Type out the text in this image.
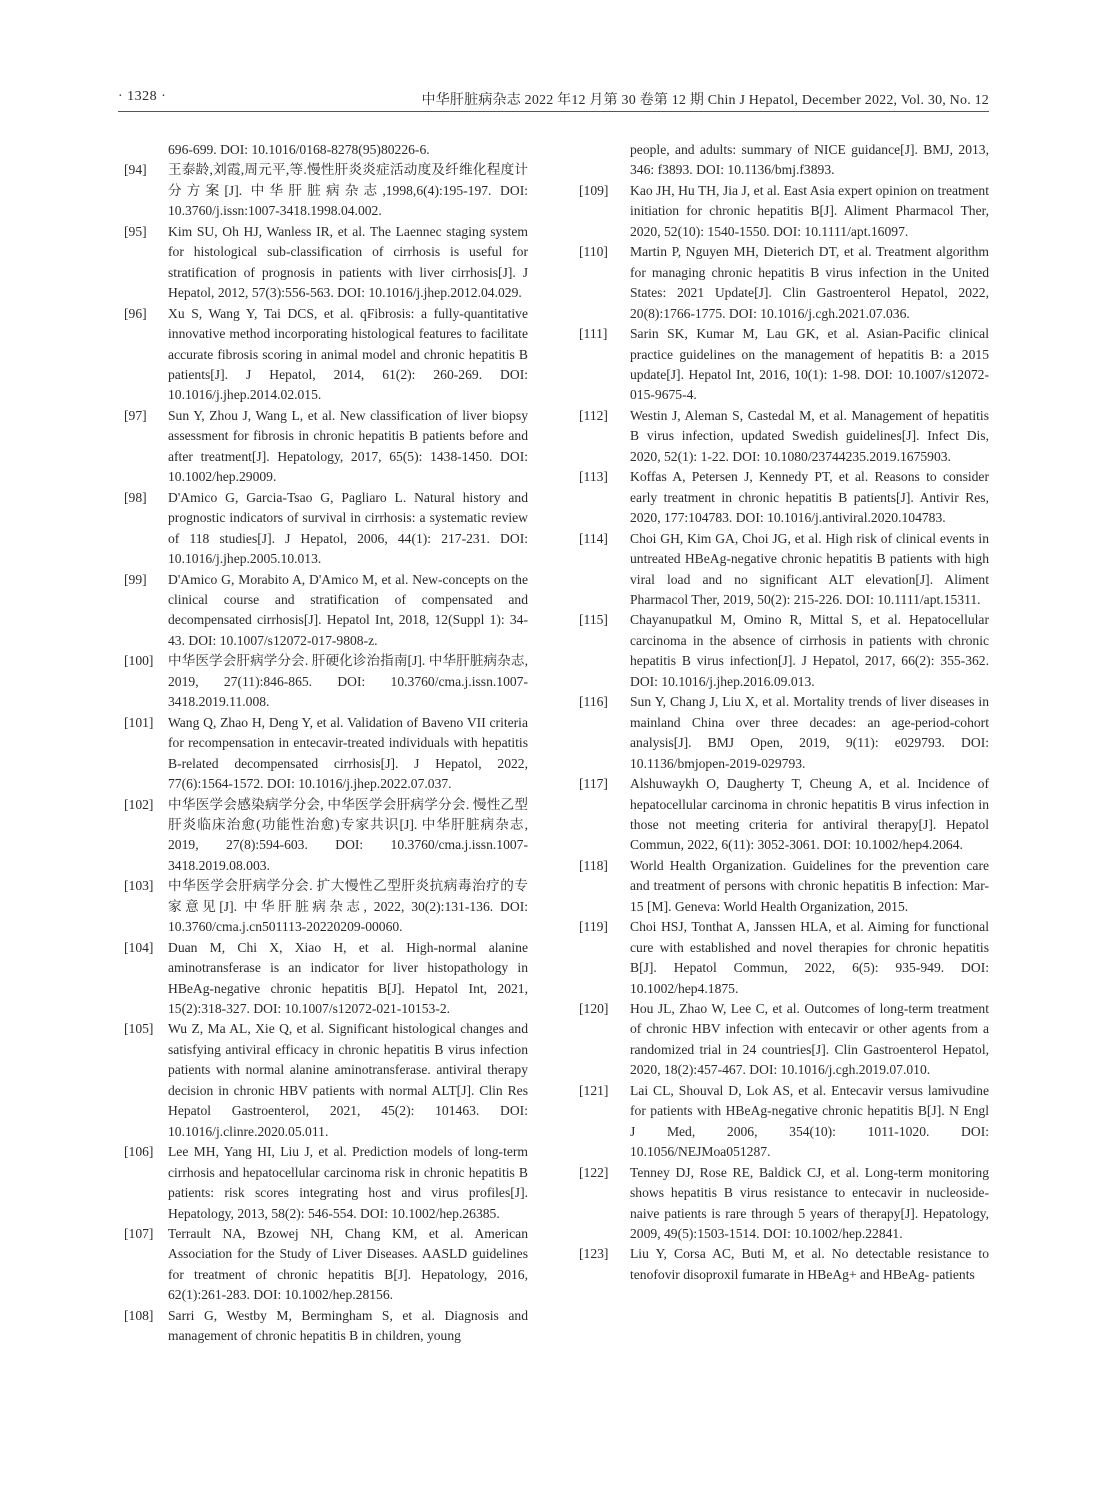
· 1328 ·	中华肝脏病杂志 2022 年12 月第 30 卷第 12 期 Chin J Hepatol, December 2022, Vol. 30, No. 12
696-699. DOI: 10.1016/0168-8278(95)80226-6.
[94]	王泰龄,刘霞,周元平,等.慢性肝炎炎症活动度及纤维化程度计分方案[J]. 中华肝脏病杂志,1998,6(4):195-197. DOI: 10.3760/j.issn:1007-3418.1998.04.002.
[95]	Kim SU, Oh HJ, Wanless IR, et al. The Laennec staging system for histological sub-classification of cirrhosis is useful for stratification of prognosis in patients with liver cirrhosis[J]. J Hepatol, 2012, 57(3):556-563. DOI: 10.1016/j.jhep.2012.04.029.
[96]	Xu S, Wang Y, Tai DCS, et al. qFibrosis: a fully-quantitative innovative method incorporating histological features to facilitate accurate fibrosis scoring in animal model and chronic hepatitis B patients[J]. J Hepatol, 2014, 61(2): 260-269. DOI: 10.1016/j.jhep.2014.02.015.
[97]	Sun Y, Zhou J, Wang L, et al. New classification of liver biopsy assessment for fibrosis in chronic hepatitis B patients before and after treatment[J]. Hepatology, 2017, 65(5): 1438-1450. DOI: 10.1002/hep.29009.
[98]	D'Amico G, Garcia-Tsao G, Pagliaro L. Natural history and prognostic indicators of survival in cirrhosis: a systematic review of 118 studies[J]. J Hepatol, 2006, 44(1): 217-231. DOI: 10.1016/j.jhep.2005.10.013.
[99]	D'Amico G, Morabito A, D'Amico M, et al. New-concepts on the clinical course and stratification of compensated and decompensated cirrhosis[J]. Hepatol Int, 2018, 12(Suppl 1): 34-43. DOI: 10.1007/s12072-017-9808-z.
[100]	中华医学会肝病学分会. 肝硬化诊治指南[J]. 中华肝脏病杂志, 2019, 27(11):846-865. DOI: 10.3760/cma.j.issn.1007-3418.2019.11.008.
[101]	Wang Q, Zhao H, Deng Y, et al. Validation of Baveno VII criteria for recompensation in entecavir-treated individuals with hepatitis B-related decompensated cirrhosis[J]. J Hepatol, 2022, 77(6):1564-1572. DOI: 10.1016/j.jhep.2022.07.037.
[102]	中华医学会感染病学分会, 中华医学会肝病学分会. 慢性乙型肝炎临床治愈(功能性治愈)专家共识[J]. 中华肝脏病杂志, 2019, 27(8):594-603. DOI: 10.3760/cma.j.issn.1007-3418.2019.08.003.
[103]	中华医学会肝病学分会. 扩大慢性乙型肝炎抗病毒治疗的专家意见[J]. 中华肝脏病杂志, 2022, 30(2):131-136. DOI: 10.3760/cma.j.cn501113-20220209-00060.
[104]	Duan M, Chi X, Xiao H, et al. High-normal alanine aminotransferase is an indicator for liver histopathology in HBeAg-negative chronic hepatitis B[J]. Hepatol Int, 2021, 15(2):318-327. DOI: 10.1007/s12072-021-10153-2.
[105]	Wu Z, Ma AL, Xie Q, et al. Significant histological changes and satisfying antiviral efficacy in chronic hepatitis B virus infection patients with normal alanine aminotransferase. antiviral therapy decision in chronic HBV patients with normal ALT[J]. Clin Res Hepatol Gastroenterol, 2021, 45(2): 101463. DOI: 10.1016/j.clinre.2020.05.011.
[106]	Lee MH, Yang HI, Liu J, et al. Prediction models of long-term cirrhosis and hepatocellular carcinoma risk in chronic hepatitis B patients: risk scores integrating host and virus profiles[J]. Hepatology, 2013, 58(2): 546-554. DOI: 10.1002/hep.26385.
[107]	Terrault NA, Bzowej NH, Chang KM, et al. American Association for the Study of Liver Diseases. AASLD guidelines for treatment of chronic hepatitis B[J]. Hepatology, 2016, 62(1):261-283. DOI: 10.1002/hep.28156.
[108]	Sarri G, Westby M, Bermingham S, et al. Diagnosis and management of chronic hepatitis B in children, young
people, and adults: summary of NICE guidance[J]. BMJ, 2013, 346: f3893. DOI: 10.1136/bmj.f3893.
[109]	Kao JH, Hu TH, Jia J, et al. East Asia expert opinion on treatment initiation for chronic hepatitis B[J]. Aliment Pharmacol Ther, 2020, 52(10): 1540-1550. DOI: 10.1111/apt.16097.
[110]	Martin P, Nguyen MH, Dieterich DT, et al. Treatment algorithm for managing chronic hepatitis B virus infection in the United States: 2021 Update[J]. Clin Gastroenterol Hepatol, 2022, 20(8):1766-1775. DOI: 10.1016/j.cgh.2021.07.036.
[111]	Sarin SK, Kumar M, Lau GK, et al. Asian-Pacific clinical practice guidelines on the management of hepatitis B: a 2015 update[J]. Hepatol Int, 2016, 10(1): 1-98. DOI: 10.1007/s12072-015-9675-4.
[112]	Westin J, Aleman S, Castedal M, et al. Management of hepatitis B virus infection, updated Swedish guidelines[J]. Infect Dis, 2020, 52(1): 1-22. DOI: 10.1080/23744235.2019.1675903.
[113]	Koffas A, Petersen J, Kennedy PT, et al. Reasons to consider early treatment in chronic hepatitis B patients[J]. Antivir Res, 2020, 177:104783. DOI: 10.1016/j.antiviral.2020.104783.
[114]	Choi GH, Kim GA, Choi JG, et al. High risk of clinical events in untreated HBeAg-negative chronic hepatitis B patients with high viral load and no significant ALT elevation[J]. Aliment Pharmacol Ther, 2019, 50(2): 215-226. DOI: 10.1111/apt.15311.
[115]	Chayanupatkul M, Omino R, Mittal S, et al. Hepatocellular carcinoma in the absence of cirrhosis in patients with chronic hepatitis B virus infection[J]. J Hepatol, 2017, 66(2): 355-362. DOI: 10.1016/j.jhep.2016.09.013.
[116]	Sun Y, Chang J, Liu X, et al. Mortality trends of liver diseases in mainland China over three decades: an age-period-cohort analysis[J]. BMJ Open, 2019, 9(11): e029793. DOI: 10.1136/bmjopen-2019-029793.
[117]	Alshuwaykh O, Daugherty T, Cheung A, et al. Incidence of hepatocellular carcinoma in chronic hepatitis B virus infection in those not meeting criteria for antiviral therapy[J]. Hepatol Commun, 2022, 6(11): 3052-3061. DOI: 10.1002/hep4.2064.
[118]	World Health Organization. Guidelines for the prevention care and treatment of persons with chronic hepatitis B infection: Mar-15 [M]. Geneva: World Health Organization, 2015.
[119]	Choi HSJ, Tonthat A, Janssen HLA, et al. Aiming for functional cure with established and novel therapies for chronic hepatitis B[J]. Hepatol Commun, 2022, 6(5): 935-949. DOI: 10.1002/hep4.1875.
[120]	Hou JL, Zhao W, Lee C, et al. Outcomes of long-term treatment of chronic HBV infection with entecavir or other agents from a randomized trial in 24 countries[J]. Clin Gastroenterol Hepatol, 2020, 18(2):457-467. DOI: 10.1016/j.cgh.2019.07.010.
[121]	Lai CL, Shouval D, Lok AS, et al. Entecavir versus lamivudine for patients with HBeAg-negative chronic hepatitis B[J]. N Engl J Med, 2006, 354(10): 1011-1020. DOI: 10.1056/NEJMoa051287.
[122]	Tenney DJ, Rose RE, Baldick CJ, et al. Long-term monitoring shows hepatitis B virus resistance to entecavir in nucleoside-naive patients is rare through 5 years of therapy[J]. Hepatology, 2009, 49(5):1503-1514. DOI: 10.1002/hep.22841.
[123]	Liu Y, Corsa AC, Buti M, et al. No detectable resistance to tenofovir disoproxil fumarate in HBeAg+ and HBeAg- patients
